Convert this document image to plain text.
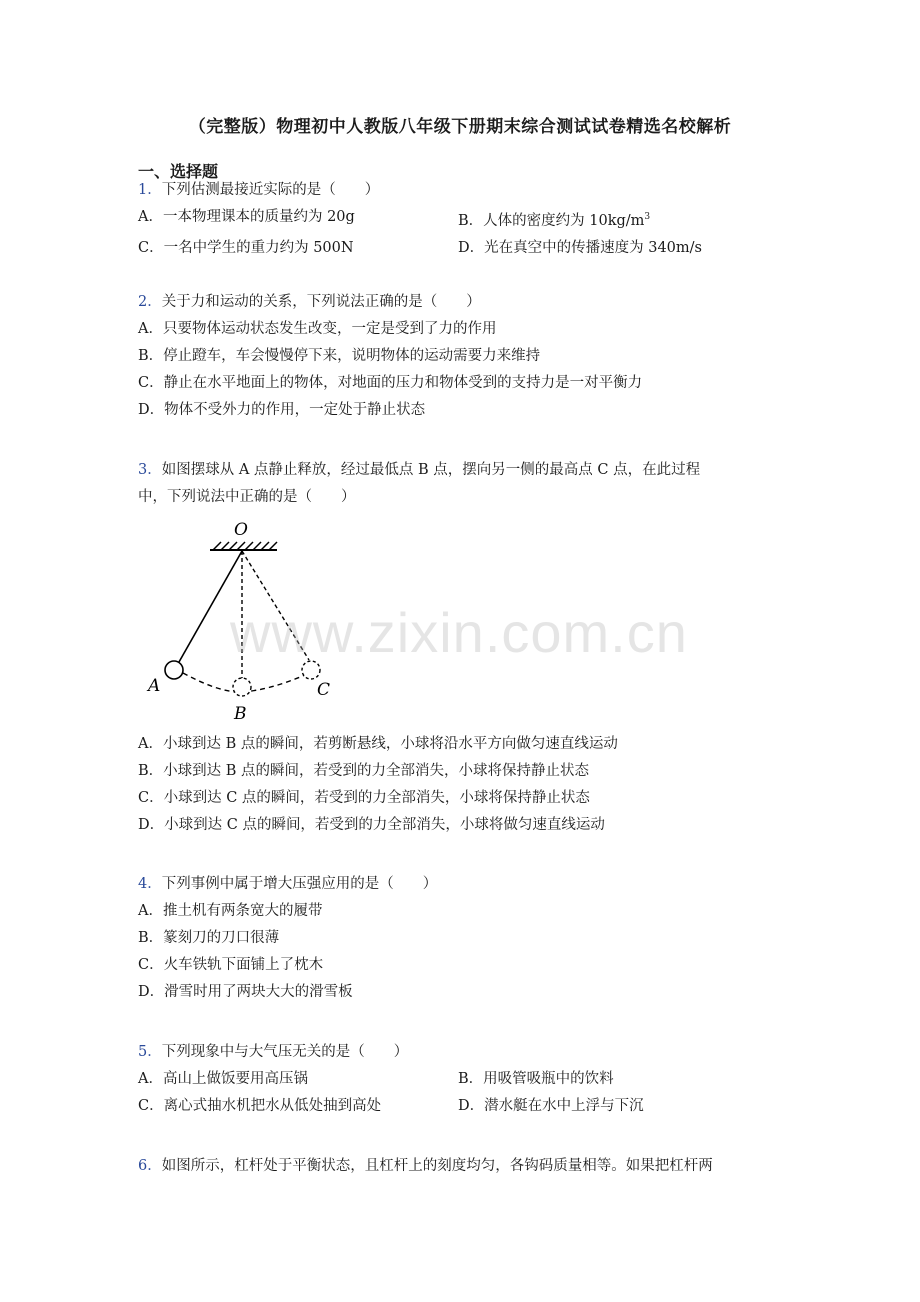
（完整版）物理初中人教版八年级下册期末综合测试试卷精选名校解析
一、选择题
1．下列估测最接近实际的是（　　）
A．一本物理课本的质量约为 20g	B．人体的密度约为 $10kg/m^3$
C．一名中学生的重力约为 500N	D．光在真空中的传播速度为 340m/s
2．关于力和运动的关系，下列说法正确的是（　　）
A．只要物体运动状态发生改变，一定是受到了力的作用
B．停止蹬车，车会慢慢停下来，说明物体的运动需要力来维持
C．静止在水平地面上的物体，对地面的压力和物体受到的支持力是一对平衡力
D．物体不受外力的作用，一定处于静止状态
3．如图摆球从 A 点静止释放，经过最低点 B 点，摆向另一侧的最高点 C 点，在此过程
中，下列说法中正确的是（　　）
O
A
B
C
A．小球到达 B 点的瞬间，若剪断悬线，小球将沿水平方向做匀速直线运动
B．小球到达 B 点的瞬间，若受到的力全部消失，小球将保持静止状态
C．小球到达 C 点的瞬间，若受到的力全部消失，小球将保持静止状态
D．小球到达 C 点的瞬间，若受到的力全部消失，小球将做匀速直线运动
4．下列事例中属于增大压强应用的是（　　）
A．推土机有两条宽大的履带
B．篆刻刀的刀口很薄
C．火车铁轨下面铺上了枕木
D．滑雪时用了两块大大的滑雪板
5．下列现象中与大气压无关的是（　　）
A．高山上做饭要用高压锅	B．用吸管吸瓶中的饮料
C．离心式抽水机把水从低处抽到高处	D．潜水艇在水中上浮与下沉
6．如图所示，杠杆处于平衡状态，且杠杆上的刻度均匀，各钩码质量相等。如果把杠杆两
www.zixin.com.cn
